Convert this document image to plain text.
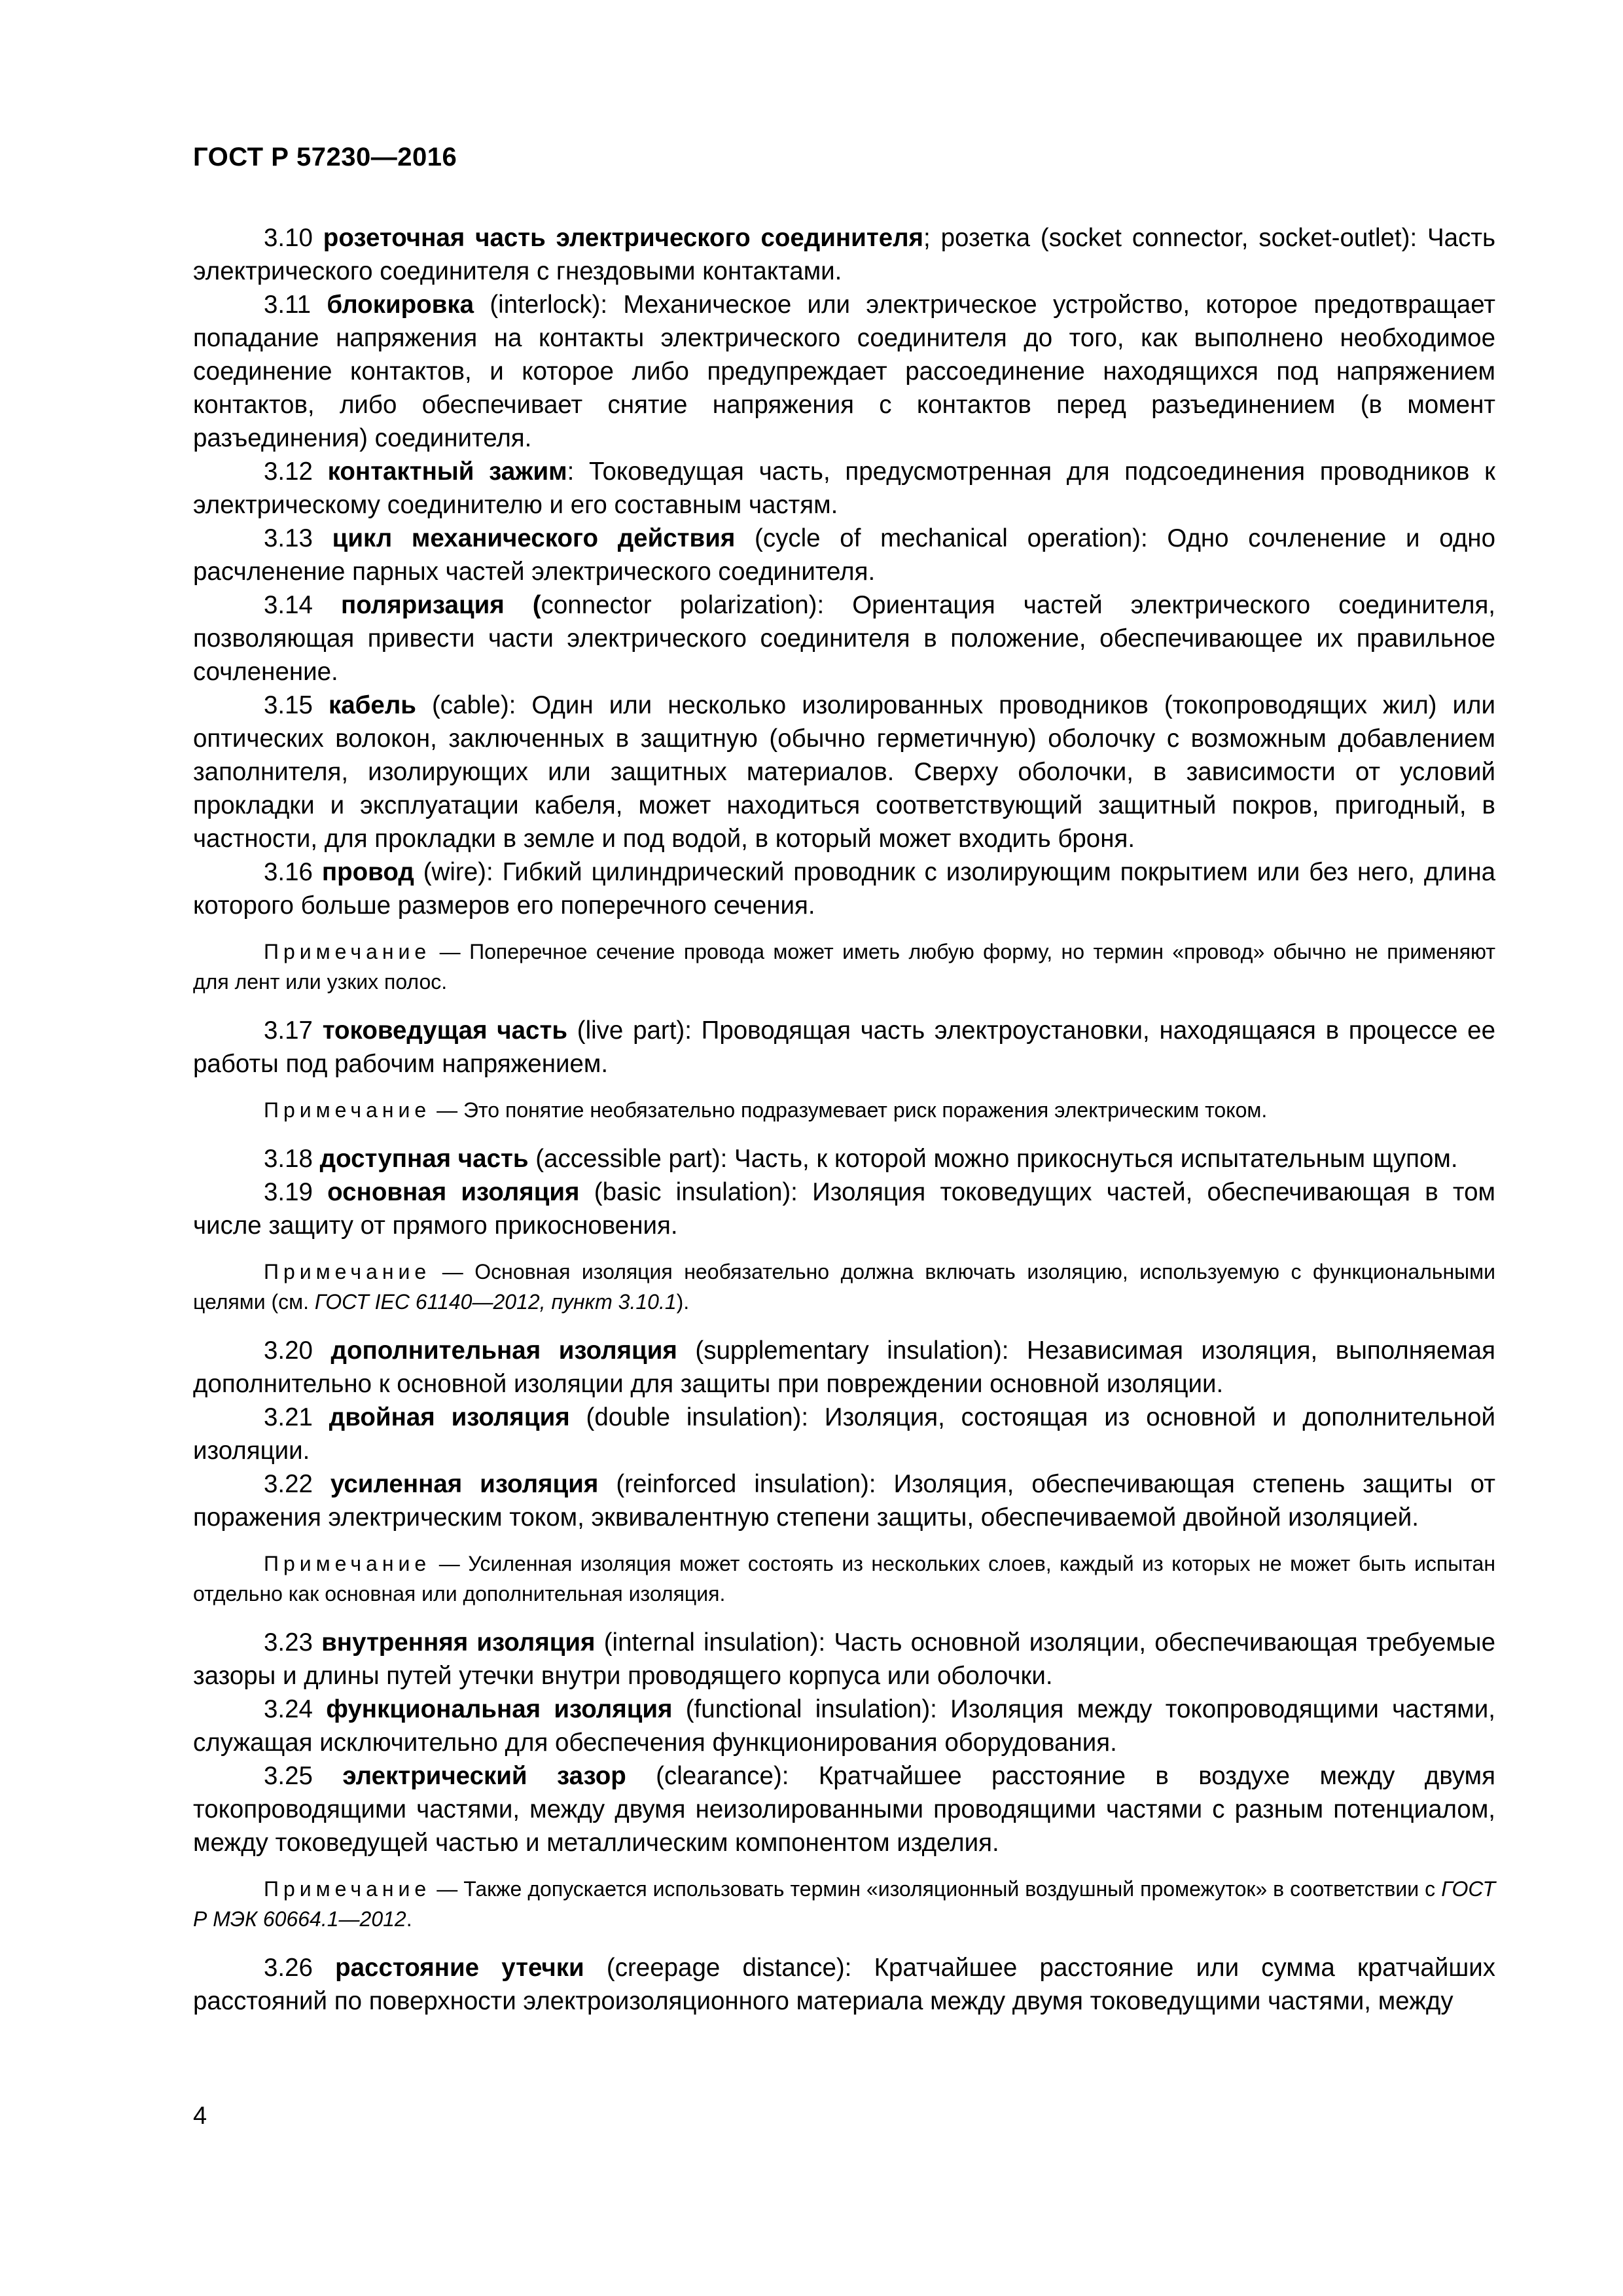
ГОСТ Р 57230—2016

3.10 розеточная часть электрического соединителя; розетка (socket connector, socket-outlet): Часть электрического соединителя с гнездовыми контактами.

3.11 блокировка (interlock): Механическое или электрическое устройство, которое предотвращает попадание напряжения на контакты электрического соединителя до того, как выполнено необходимое соединение контактов, и которое либо предупреждает рассоединение находящихся под напряжением контактов, либо обеспечивает снятие напряжения с контактов перед разъединением (в момент разъединения) соединителя.

3.12 контактный зажим: Токоведущая часть, предусмотренная для подсоединения проводников к электрическому соединителю и его составным частям.

3.13 цикл механического действия (cycle of mechanical operation): Одно сочленение и одно расчленение парных частей электрического соединителя.

3.14 поляризация (connector polarization): Ориентация частей электрического соединителя, позволяющая привести части электрического соединителя в положение, обеспечивающее их правильное сочленение.

3.15 кабель (cable): Один или несколько изолированных проводников (токопроводящих жил) или оптических волокон, заключенных в защитную (обычно герметичную) оболочку с возможным добавлением заполнителя, изолирующих или защитных материалов. Сверху оболочки, в зависимости от условий прокладки и эксплуатации кабеля, может находиться соответствующий защитный покров, пригодный, в частности, для прокладки в земле и под водой, в который может входить броня.

3.16 провод (wire): Гибкий цилиндрический проводник с изолирующим покрытием или без него, длина которого больше размеров его поперечного сечения.

Примечание — Поперечное сечение провода может иметь любую форму, но термин «провод» обычно не применяют для лент или узких полос.

3.17 токоведущая часть (live part): Проводящая часть электроустановки, находящаяся в процессе ее работы под рабочим напряжением.

Примечание — Это понятие необязательно подразумевает риск поражения электрическим током.

3.18 доступная часть (accessible part): Часть, к которой можно прикоснуться испытательным щупом.

3.19 основная изоляция (basic insulation): Изоляция токоведущих частей, обеспечивающая в том числе защиту от прямого прикосновения.

Примечание — Основная изоляция необязательно должна включать изоляцию, используемую с функциональными целями (см. ГОСТ IEC 61140—2012, пункт 3.10.1).

3.20 дополнительная изоляция (supplementary insulation): Независимая изоляция, выполняемая дополнительно к основной изоляции для защиты при повреждении основной изоляции.

3.21 двойная изоляция (double insulation): Изоляция, состоящая из основной и дополнительной изоляции.

3.22 усиленная изоляция (reinforced insulation): Изоляция, обеспечивающая степень защиты от поражения электрическим током, эквивалентную степени защиты, обеспечиваемой двойной изоляцией.

Примечание — Усиленная изоляция может состоять из нескольких слоев, каждый из которых не может быть испытан отдельно как основная или дополнительная изоляция.

3.23 внутренняя изоляция (internal insulation): Часть основной изоляции, обеспечивающая требуемые зазоры и длины путей утечки внутри проводящего корпуса или оболочки.

3.24 функциональная изоляция (functional insulation): Изоляция между токопроводящими частями, служащая исключительно для обеспечения функционирования оборудования.

3.25 электрический зазор (clearance): Кратчайшее расстояние в воздухе между двумя токопроводящими частями, между двумя неизолированными проводящими частями с разным потенциалом, между токоведущей частью и металлическим компонентом изделия.

Примечание — Также допускается использовать термин «изоляционный воздушный промежуток» в соответствии с ГОСТ Р МЭК 60664.1—2012.

3.26 расстояние утечки (creepage distance): Кратчайшее расстояние или сумма кратчайших расстояний по поверхности электроизоляционного материала между двумя токоведущими частями, между

4
